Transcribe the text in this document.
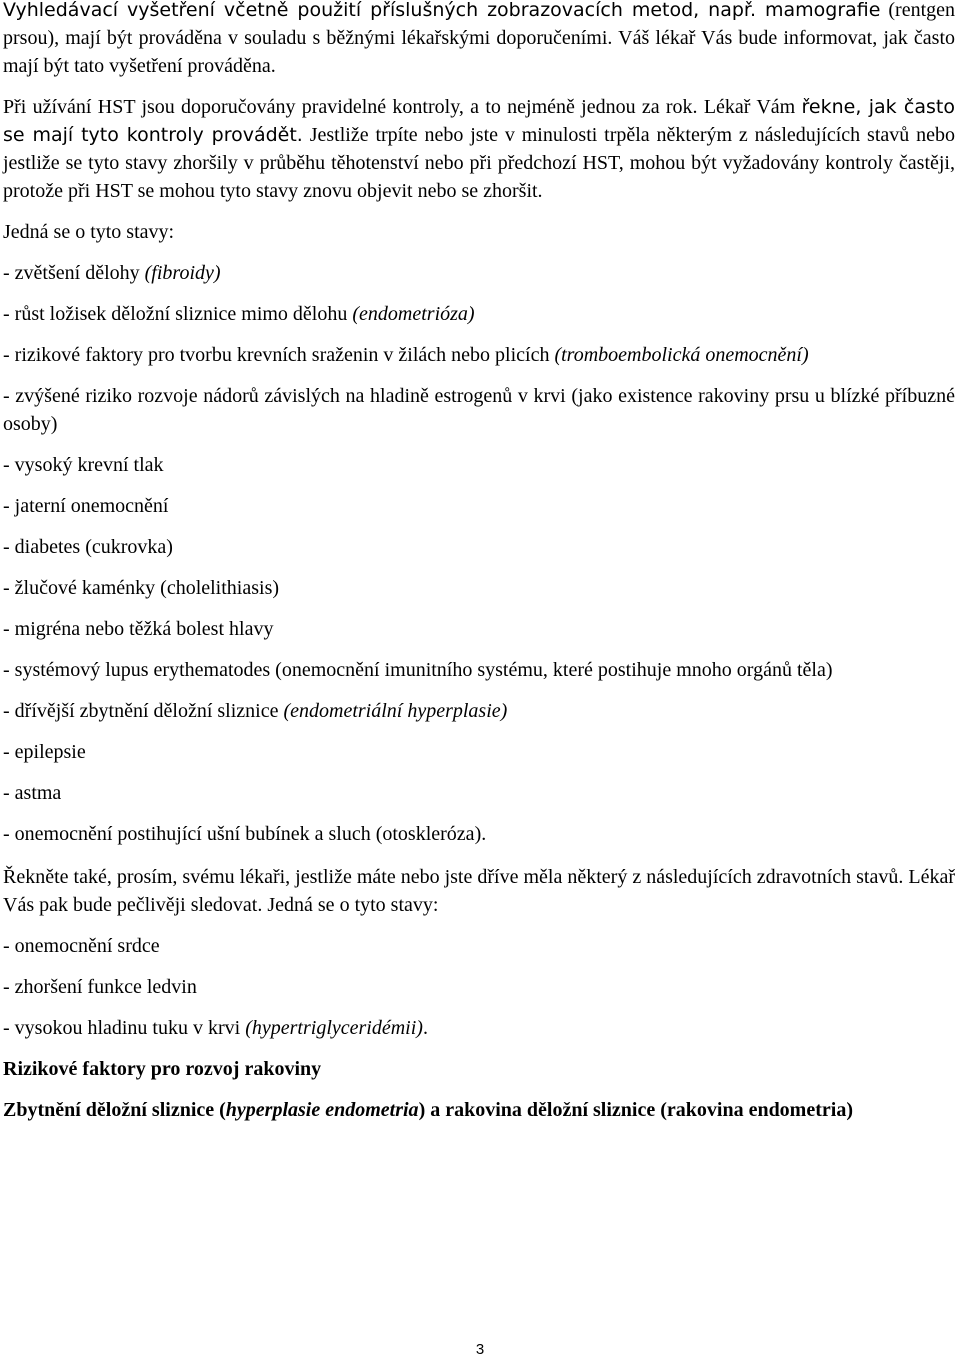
Vyhledávací vyšetření včetně použití příslušných zobrazovacích metod, např. mamografie (rentgen prsou), mají být prováděna v souladu s běžnými lékařskými doporučeními. Váš lékař Vás bude informovat, jak často mají být tato vyšetření prováděna.

Při užívání HST jsou doporučovány pravidelné kontroly, a to nejméně jednou za rok. Lékař Vám řekne, jak často se mají tyto kontroly provádět. Jestliže trpíte nebo jste v minulosti trpěla některým z následujících stavů nebo jestliže se tyto stavy zhoršily v průběhu těhotenství nebo při předchozí HST, mohou být vyžadovány kontroly častěji, protože při HST se mohou tyto stavy znovu objevit nebo se zhoršit.

Jedná se o tyto stavy:

- zvětšení dělohy (fibroidy)

- růst ložisek děložní sliznice mimo dělohu (endometrióza)

- rizikové faktory pro tvorbu krevních sraženin v žilách nebo plicích (tromboembolická onemocnění)

- zvýšené riziko rozvoje nádorů závislých na hladině estrogenů v krvi (jako existence rakoviny prsu u blízké příbuzné osoby)

- vysoký krevní tlak

- jaterní onemocnění

- diabetes (cukrovka)

- žlučové kaménky (cholelithiasis)

- migréna nebo těžká bolest hlavy

- systémový lupus erythematodes (onemocnění imunitního systému, které postihuje mnoho orgánů těla)

- dřívější zbytnění děložní sliznice (endometriální hyperplasie)

- epilepsie

- astma

- onemocnění postihující ušní bubínek a sluch (otoskleróza).

Řekněte také, prosím, svému lékaři, jestliže máte nebo jste dříve měla některý z následujících zdravotních stavů. Lékař Vás pak bude pečlivěji sledovat. Jedná se o tyto stavy:

- onemocnění srdce

- zhoršení funkce ledvin

- vysokou hladinu tuku v krvi (hypertriglyceridémii).

Rizikové faktory pro rozvoj rakoviny

Zbytnění děložní sliznice (hyperplasie endometria) a rakovina děložní sliznice (rakovina endometria)

3
